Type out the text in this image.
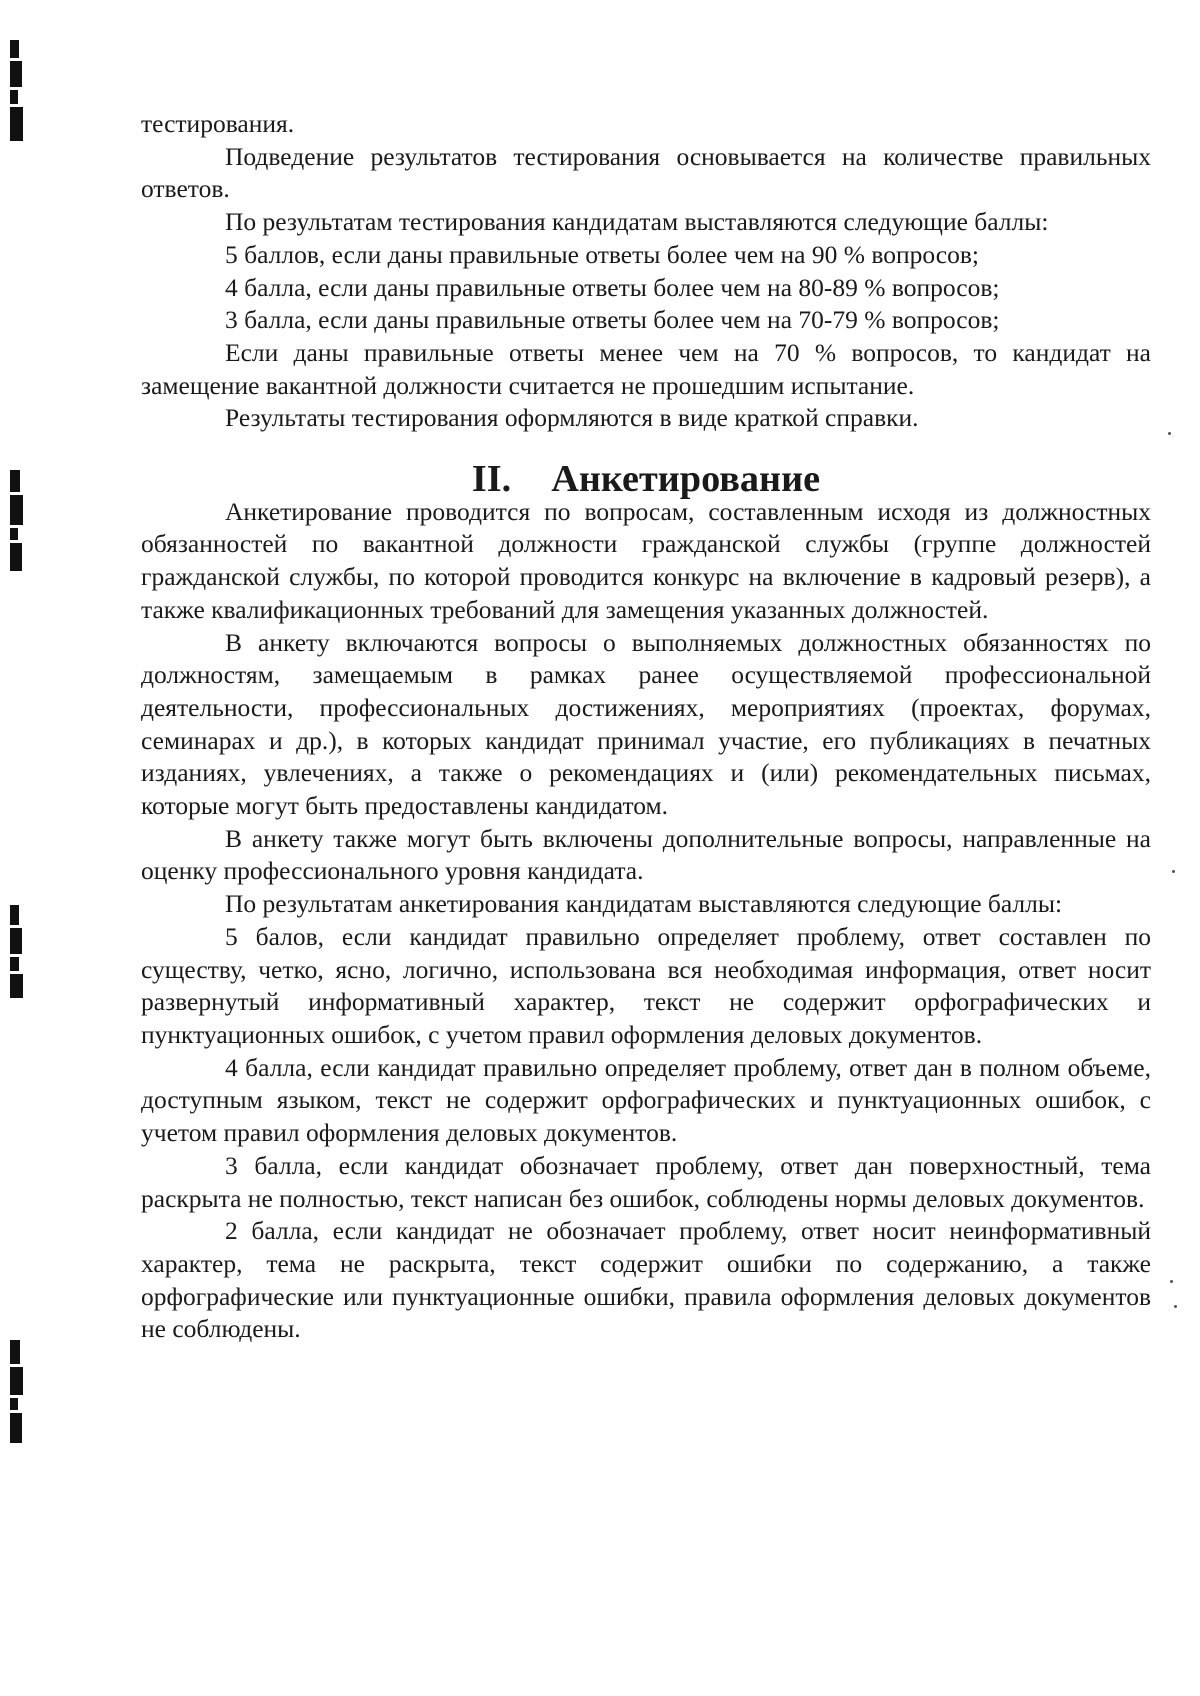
тестирования.

Подведение результатов тестирования основывается на количестве правильных ответов.

По результатам тестирования кандидатам выставляются следующие баллы:

5 баллов, если даны правильные ответы более чем на 90 % вопросов;

4 балла, если даны правильные ответы более чем на 80-89 % вопросов;

3 балла, если даны правильные ответы более чем на 70-79 % вопросов;

Если даны правильные ответы менее чем на 70 % вопросов, то кандидат на замещение вакантной должности считается не прошедшим испытание.

Результаты тестирования оформляются в виде краткой справки.

II. Анкетирование

Анкетирование проводится по вопросам, составленным исходя из должностных обязанностей по вакантной должности гражданской службы (группе должностей гражданской службы, по которой проводится конкурс на включение в кадровый резерв), а также квалификационных требований для замещения указанных должностей.

В анкету включаются вопросы о выполняемых должностных обязанностях по должностям, замещаемым в рамках ранее осуществляемой профессиональной деятельности, профессиональных достижениях, мероприятиях (проектах, форумах, семинарах и др.), в которых кандидат принимал участие, его публикациях в печатных изданиях, увлечениях, а также о рекомендациях и (или) рекомендательных письмах, которые могут быть предоставлены кандидатом.

В анкету также могут быть включены дополнительные вопросы, направленные на оценку профессионального уровня кандидата.

По результатам анкетирования кандидатам выставляются следующие баллы:

5 балов, если кандидат правильно определяет проблему, ответ составлен по существу, четко, ясно, логично, использована вся необходимая информация, ответ носит развернутый информативный характер, текст не содержит орфографических и пунктуационных ошибок, с учетом правил оформления деловых документов.

4 балла, если кандидат правильно определяет проблему, ответ дан в полном объеме, доступным языком, текст не содержит орфографических и пунктуационных ошибок, с учетом правил оформления деловых документов.

3 балла, если кандидат обозначает проблему, ответ дан поверхностный, тема раскрыта не полностью, текст написан без ошибок, соблюдены нормы деловых документов.

2 балла, если кандидат не обозначает проблему, ответ носит неинформативный характер, тема не раскрыта, текст содержит ошибки по содержанию, а также орфографические или пунктуационные ошибки, правила оформления деловых документов не соблюдены.
